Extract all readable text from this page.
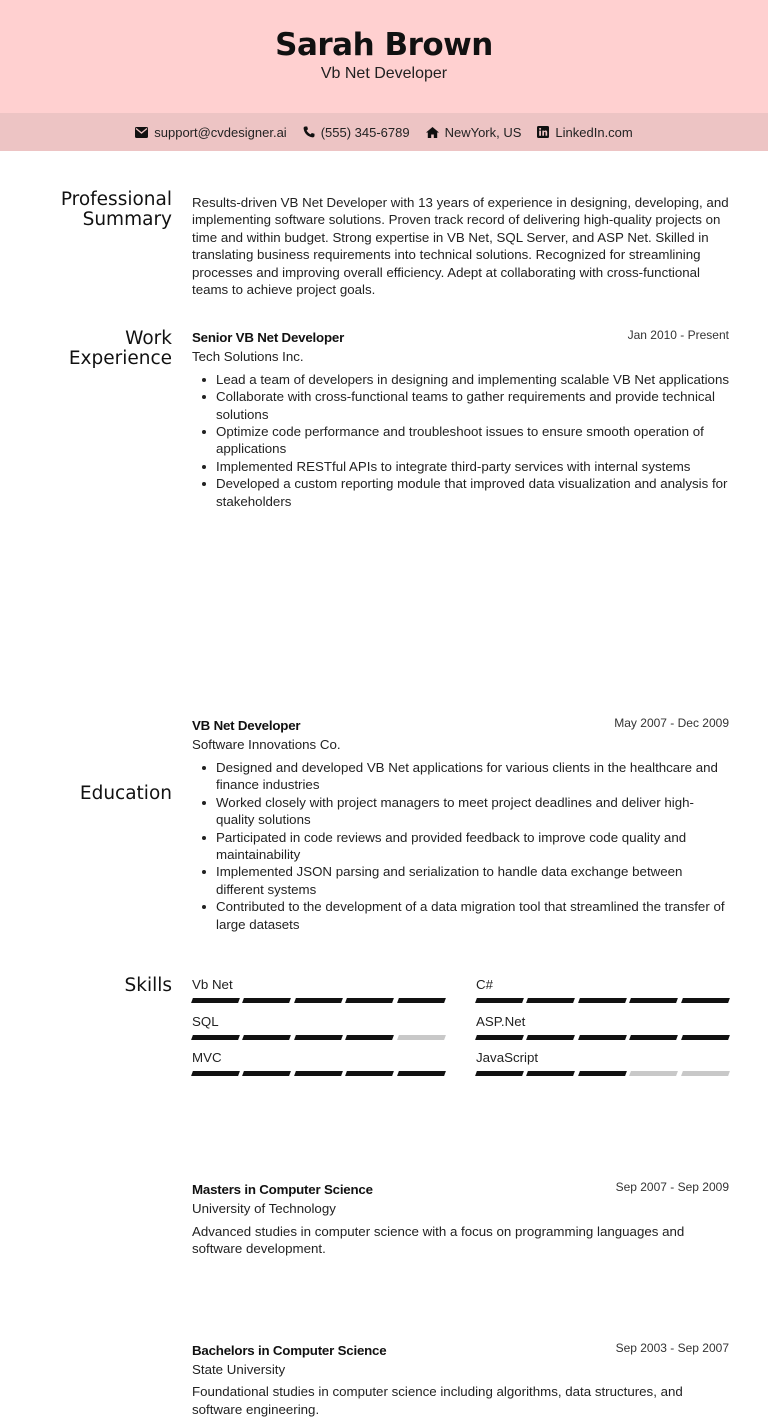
Sarah Brown
Vb Net Developer
support@cvdesigner.ai	(555) 345-6789	NewYork, US	LinkedIn.com
Professional
Summary
Results-driven VB Net Developer with 13 years of experience in designing, developing, and implementing software solutions. Proven track record of delivering high-quality projects on time and within budget. Strong expertise in VB Net, SQL Server, and ASP Net. Skilled in translating business requirements into technical solutions. Recognized for streamlining processes and improving overall efficiency. Adept at collaborating with cross-functional teams to achieve project goals.
Work
Experience
Senior VB Net Developer	Jan 2010 - Present
Tech Solutions Inc.
Lead a team of developers in designing and implementing scalable VB Net applications
Collaborate with cross-functional teams to gather requirements and provide technical solutions
Optimize code performance and troubleshoot issues to ensure smooth operation of applications
Implemented RESTful APIs to integrate third-party services with internal systems
Developed a custom reporting module that improved data visualization and analysis for stakeholders
VB Net Developer	May 2007 - Dec 2009
Software Innovations Co.
Designed and developed VB Net applications for various clients in the healthcare and finance industries
Worked closely with project managers to meet project deadlines and deliver high-quality solutions
Participated in code reviews and provided feedback to improve code quality and maintainability
Implemented JSON parsing and serialization to handle data exchange between different systems
Contributed to the development of a data migration tool that streamlined the transfer of large datasets
Education
Masters in Computer Science	Sep 2007 - Sep 2009
University of Technology
Advanced studies in computer science with a focus on programming languages and software development.
Bachelors in Computer Science	Sep 2003 - Sep 2007
State University
Foundational studies in computer science including algorithms, data structures, and software engineering.
Skills Vb Net	C#
SQL	ASP.Net
MVC	JavaScript
